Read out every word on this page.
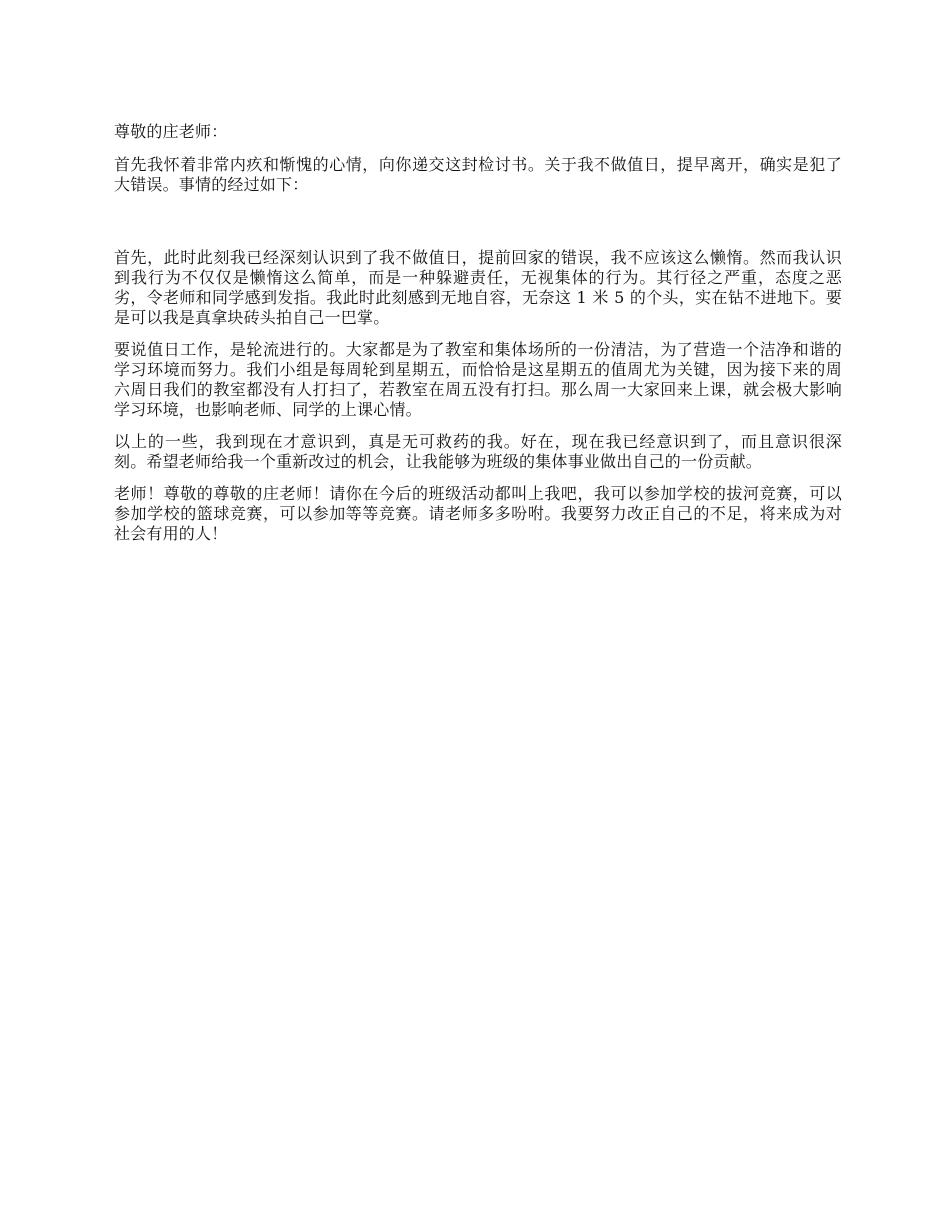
尊敬的庄老师：

首先我怀着非常内疚和惭愧的心情，向你递交这封检讨书。关于我不做值日，提早离开，确实是犯了大错误。事情的经过如下：

首先，此时此刻我已经深刻认识到了我不做值日，提前回家的错误，我不应该这么懒惰。然而我认识到我行为不仅仅是懒惰这么简单，而是一种躲避责任，无视集体的行为。其行径之严重，态度之恶劣，令老师和同学感到发指。我此时此刻感到无地自容，无奈这 1 米 5 的个头，实在钻不进地下。要是可以我是真拿块砖头拍自己一巴掌。

要说值日工作，是轮流进行的。大家都是为了教室和集体场所的一份清洁，为了营造一个洁净和谐的学习环境而努力。我们小组是每周轮到星期五，而恰恰是这星期五的值周尤为关键，因为接下来的周六周日我们的教室都没有人打扫了，若教室在周五没有打扫。那么周一大家回来上课，就会极大影响学习环境，也影响老师、同学的上课心情。

以上的一些，我到现在才意识到，真是无可救药的我。好在，现在我已经意识到了，而且意识很深刻。希望老师给我一个重新改过的机会，让我能够为班级的集体事业做出自己的一份贡献。

老师！尊敬的尊敬的庄老师！请你在今后的班级活动都叫上我吧，我可以参加学校的拔河竞赛，可以参加学校的篮球竞赛，可以参加等等竞赛。请老师多多吩咐。我要努力改正自己的不足，将来成为对社会有用的人！
